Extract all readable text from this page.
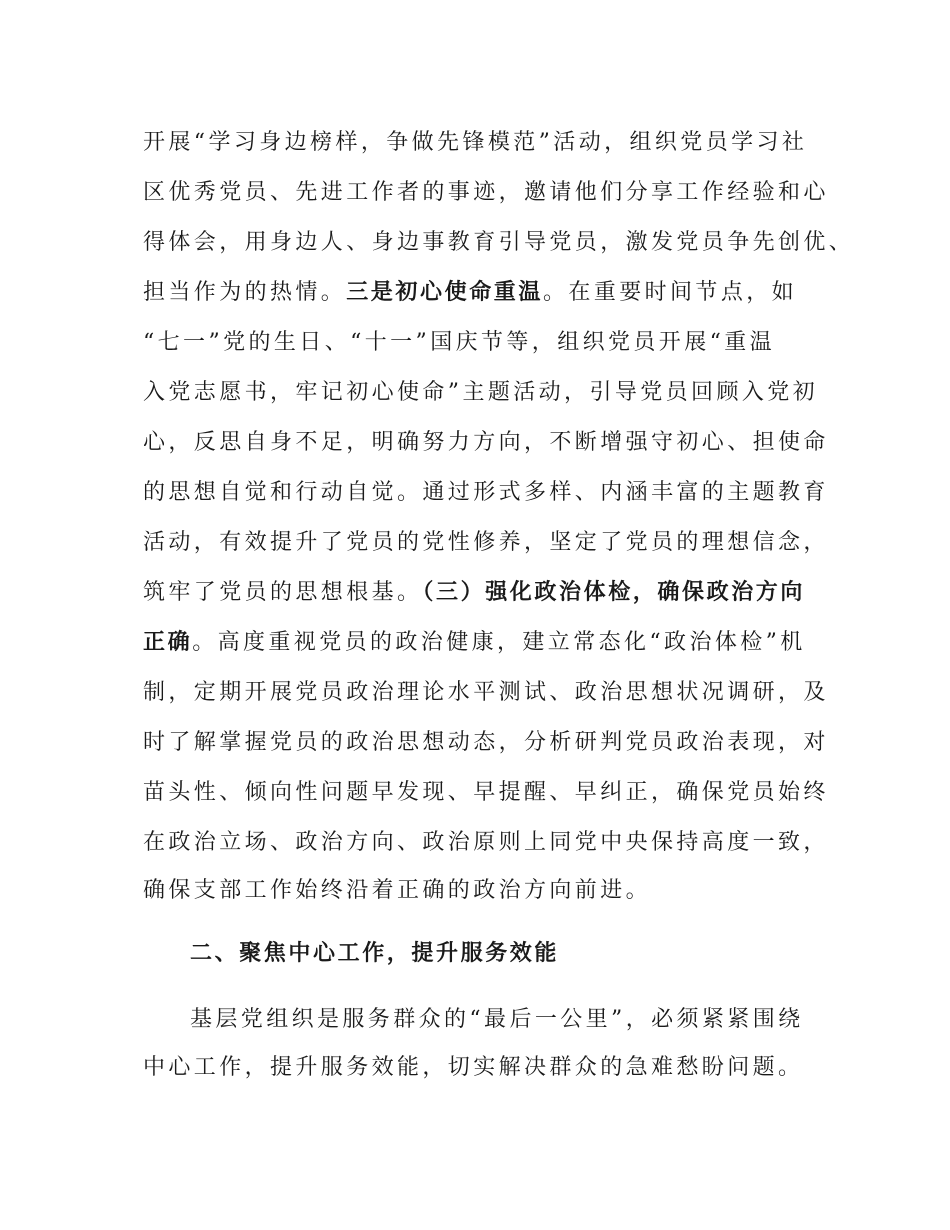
开展“学习身边榜样，争做先锋模范”活动，组织党员学习社
区优秀党员、先进工作者的事迹，邀请他们分享工作经验和心
得体会，用身边人、身边事教育引导党员，激发党员争先创优、
担当作为的热情。三是初心使命重温。在重要时间节点，如
“七一”党的生日、“十一”国庆节等，组织党员开展“重温
入党志愿书，牢记初心使命”主题活动，引导党员回顾入党初
心，反思自身不足，明确努力方向，不断增强守初心、担使命
的思想自觉和行动自觉。通过形式多样、内涵丰富的主题教育
活动，有效提升了党员的党性修养，坚定了党员的理想信念，
筑牢了党员的思想根基。（三）强化政治体检，确保政治方向
正确。高度重视党员的政治健康，建立常态化“政治体检”机
制，定期开展党员政治理论水平测试、政治思想状况调研，及
时了解掌握党员的政治思想动态，分析研判党员政治表现，对
苗头性、倾向性问题早发现、早提醒、早纠正，确保党员始终
在政治立场、政治方向、政治原则上同党中央保持高度一致，
确保支部工作始终沿着正确的政治方向前进。
二、聚焦中心工作，提升服务效能
基层党组织是服务群众的“最后一公里”，必须紧紧围绕
中心工作，提升服务效能，切实解决群众的急难愁盼问题。
